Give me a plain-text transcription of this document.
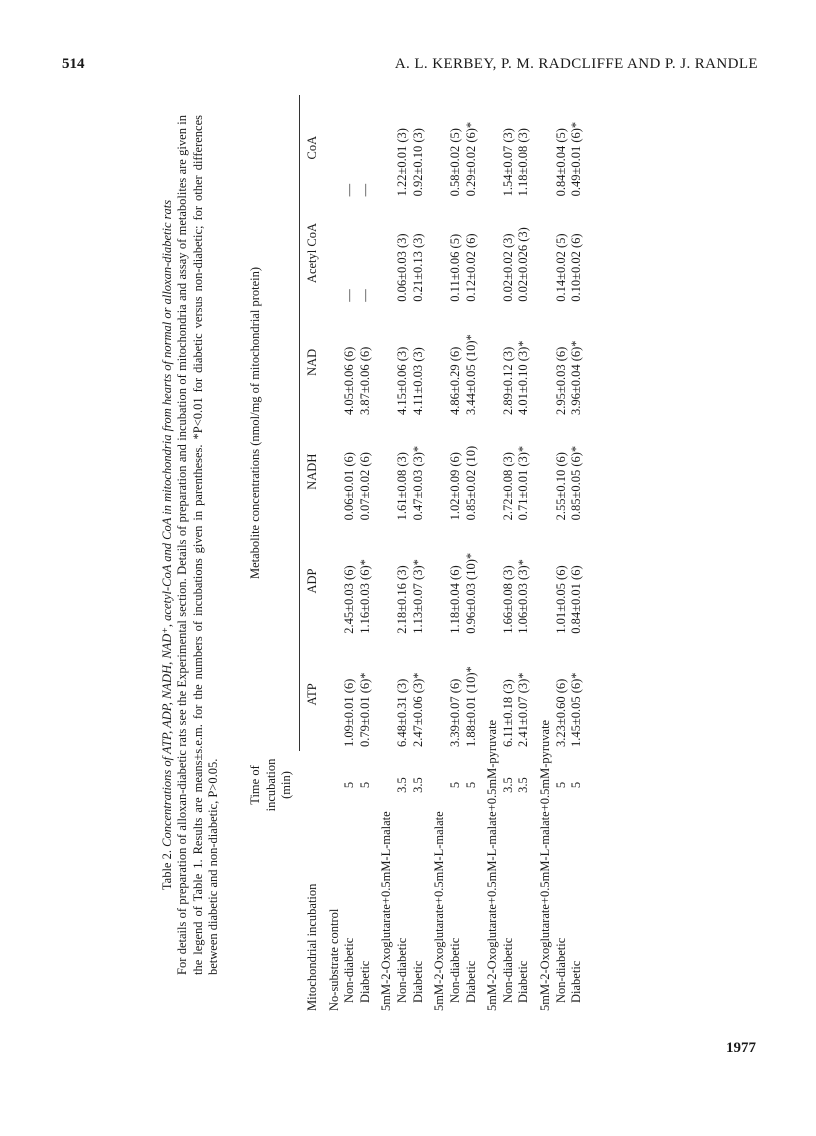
514	A. L. KERBEY, P. M. RADCLIFFE AND P. J. RANDLE
Table 2. Concentrations of ATP, ADP, NADH, NAD⁺, acetyl-CoA and CoA in mitochondria from hearts of normal or alloxan-diabetic rats For details of preparation of alloxan-diabetic rats see the Experimental section. Details of preparation and incubation of mitochondria and assay of metabolites are given in the legend of Table 1. Results are means±s.e.m. for the numbers of incubations given in parentheses. *P<0.01 for diabetic versus non-diabetic; for other differences between diabetic and non-diabetic, P>0.05.
	Time of incubation (min)	Metabolite concentrations (nmol/mg of mitochondrial protein)					

Mitochondrial incubation		ATP	ADP	NADH	NAD	Acetyl CoA	CoA
No-substrate control							
Non-diabetic	5	1.09±0.01 (6)	2.45±0.03 (6)	0.06±0.01 (6)	4.05±0.06 (6)	—	—
Diabetic	5	0.79±0.01 (6)*	1.16±0.03 (6)*	0.07±0.02 (6)	3.87±0.06 (6)	—	—
5mM-2-Oxoglutarate+0.5mM-L-malate							
Non-diabetic	3.5	6.48±0.31 (3)	2.18±0.16 (3)	1.61±0.08 (3)	4.15±0.06 (3)	0.06±0.03 (3)	1.22±0.01 (3)
Diabetic	3.5	2.47±0.06 (3)*	1.13±0.07 (3)*	0.47±0.03 (3)*	4.11±0.03 (3)	0.21±0.13 (3)	0.92±0.10 (3)
5mM-2-Oxoglutarate+0.5mM-L-malate							
Non-diabetic	5	3.39±0.07 (6)	1.18±0.04 (6)	1.02±0.09 (6)	4.86±0.29 (6)	0.11±0.06 (5)	0.58±0.02 (5)
Diabetic	5	1.88±0.01 (10)*	0.96±0.03 (10)*	0.85±0.02 (10)	3.44±0.05 (10)*	0.12±0.02 (6)	0.29±0.02 (6)*
5mM-2-Oxoglutarate+0.5mM-L-malate+0.5mM-pyruvate							
Non-diabetic	3.5	6.11±0.18 (3)	1.66±0.08 (3)	2.72±0.08 (3)	2.89±0.12 (3)	0.02±0.02 (3)	1.54±0.07 (3)
Diabetic	3.5	2.41±0.07 (3)*	1.06±0.03 (3)*	0.71±0.01 (3)*	4.01±0.10 (3)*	0.02±0.026 (3)	1.18±0.08 (3)
5mM-2-Oxoglutarate+0.5mM-L-malate+0.5mM-pyruvate							
Non-diabetic	5	3.23±0.60 (6)	1.01±0.05 (6)	2.55±0.10 (6)	2.95±0.03 (6)	0.14±0.02 (5)	0.84±0.04 (5)
Diabetic	5	1.45±0.05 (6)*	0.84±0.01 (6)	0.85±0.05 (6)*	3.96±0.04 (6)*	0.10±0.02 (6)	0.49±0.01 (6)*
1977
